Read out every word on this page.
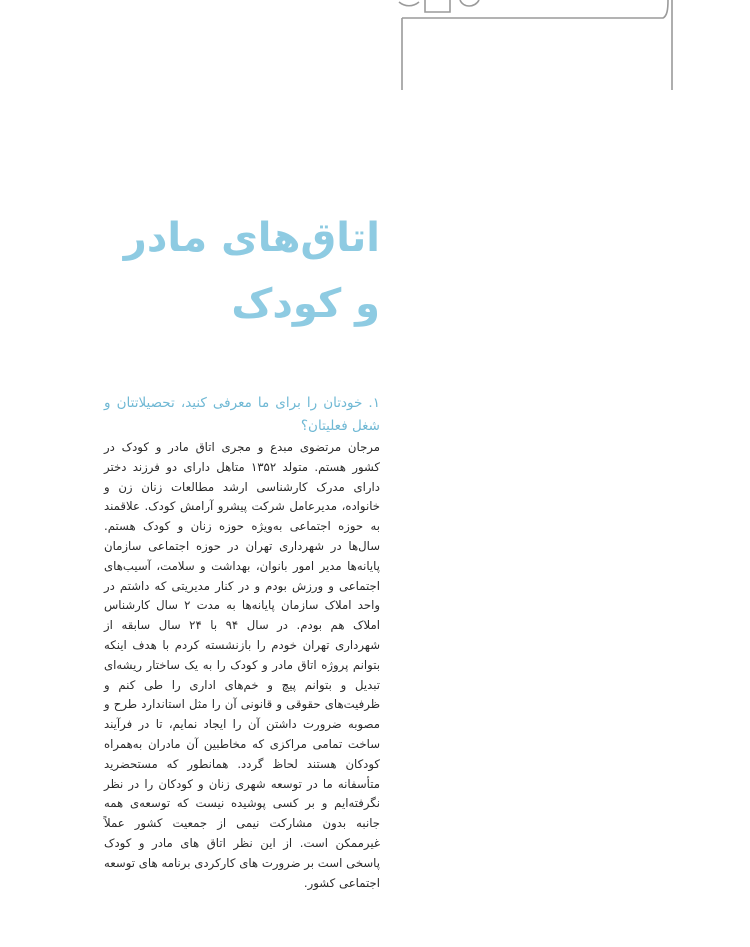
اتاق‌های مادر و کودک

۱. خودتان را برای ما معرفی کنید، تحصیلاتتان و شغل فعلیتان؟

مرجان مرتضوی مبدع و مجری اتاق مادر و کودک در کشور هستم. متولد ۱۳۵۲ متاهل دارای دو فرزند دختر دارای مدرک کارشناسی ارشد مطالعات زنان زن و خانواده، مدیرعامل شرکت پیشرو آرامش کودک. علاقمند به حوزه اجتماعی به‌ویژه حوزه زنان و کودک هستم. سال‌ها در شهرداری تهران در حوزه اجتماعی سازمان پایانه‌ها مدیر امور بانوان، بهداشت و سلامت، آسیب‌های اجتماعی و ورزش بودم و در کنار مدیریتی که داشتم در واحد املاک سازمان پایانه‌ها به مدت ۲ سال کارشناس املاک هم بودم. در سال ۹۴ با ۲۴ سال سابقه از شهرداری تهران خودم را بازنشسته کردم با هدف اینکه بتوانم پروژه اتاق مادر و کودک را به یک ساختار ریشه‌ای تبدیل و بتوانم پیچ و خم‌های اداری را طی کنم و ظرفیت‌های حقوقی و قانونی آن را مثل استاندارد طرح و مصوبه ضرورت داشتن آن را ایجاد نمایم، تا در فرآیند ساخت تمامی مراکزی که مخاطبین آن مادران به‌همراه کودکان هستند لحاظ گردد. همانطور که مستحضرید متأسفانه ما در توسعه شهری زنان و کودکان را در نظر نگرفته‌ایم و بر کسی پوشیده نیست که توسعه‌ی همه جانبه بدون مشارکت نیمی از جمعیت کشور عملاً غیرممکن است. از این نظر اتاق های مادر و کودک پاسخی است بر ضرورت های کارکردی برنامه های توسعه اجتماعی کشور.
